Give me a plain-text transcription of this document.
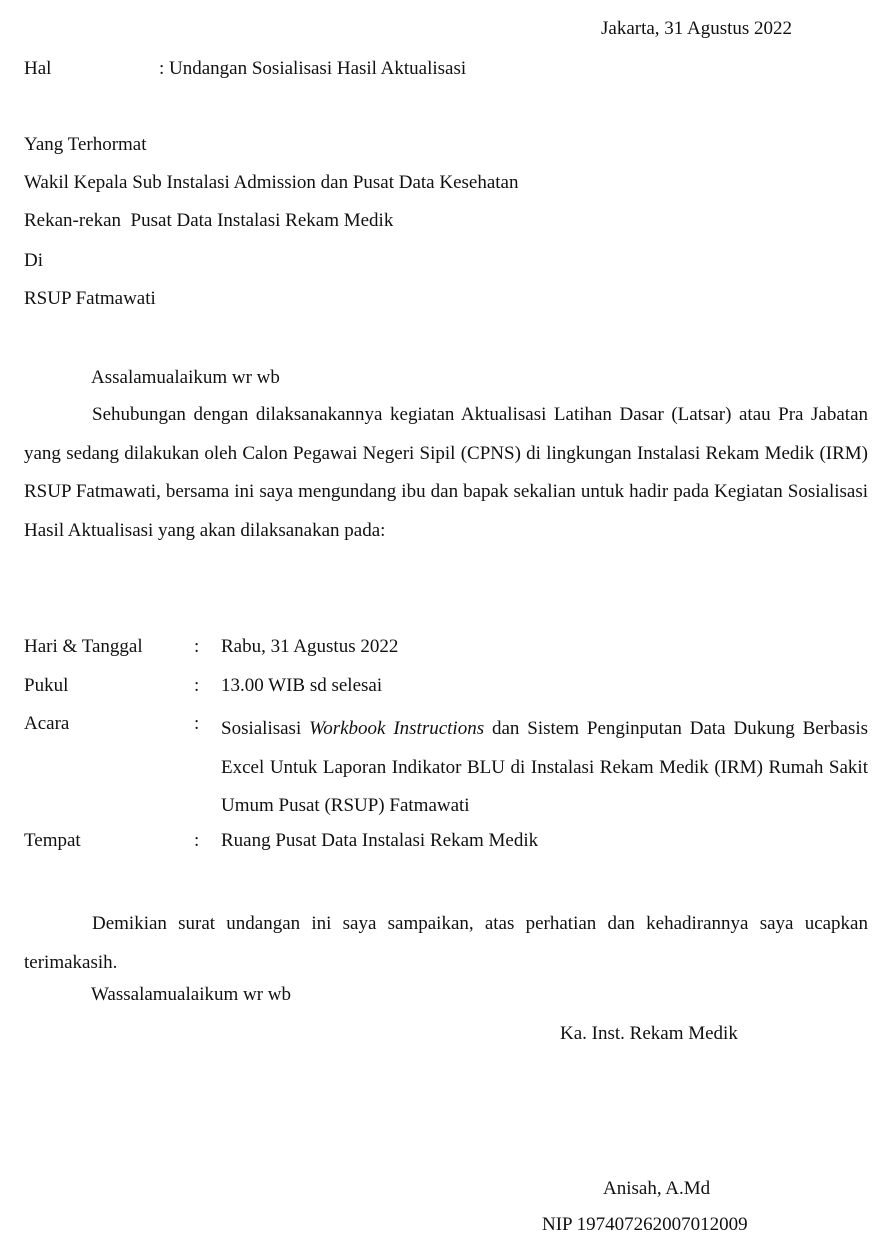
Jakarta, 31 Agustus 2022
Hal	: Undangan Sosialisasi Hasil Aktualisasi
Yang Terhormat
Wakil Kepala Sub Instalasi Admission dan Pusat Data Kesehatan
Rekan-rekan  Pusat Data Instalasi Rekam Medik
Di
RSUP Fatmawati
Assalamualaikum wr wb
Sehubungan dengan dilaksanakannya kegiatan Aktualisasi Latihan Dasar (Latsar) atau Pra Jabatan yang sedang dilakukan oleh Calon Pegawai Negeri Sipil (CPNS) di lingkungan Instalasi Rekam Medik (IRM) RSUP Fatmawati, bersama ini saya mengundang ibu dan bapak sekalian untuk hadir pada Kegiatan Sosialisasi Hasil Aktualisasi yang akan dilaksanakan pada:
Hari & Tanggal	: Rabu, 31 Agustus 2022
Pukul	: 13.00 WIB sd selesai
Acara	: Sosialisasi Workbook Instructions dan Sistem Penginputan Data Dukung Berbasis Excel Untuk Laporan Indikator BLU di Instalasi Rekam Medik (IRM) Rumah Sakit Umum Pusat (RSUP) Fatmawati
Tempat	: Ruang Pusat Data Instalasi Rekam Medik
Demikian surat undangan ini saya sampaikan, atas perhatian dan kehadirannya saya ucapkan terimakasih.
Wassalamualaikum wr wb
Ka. Inst. Rekam Medik
Anisah, A.Md
NIP 197407262007012009
